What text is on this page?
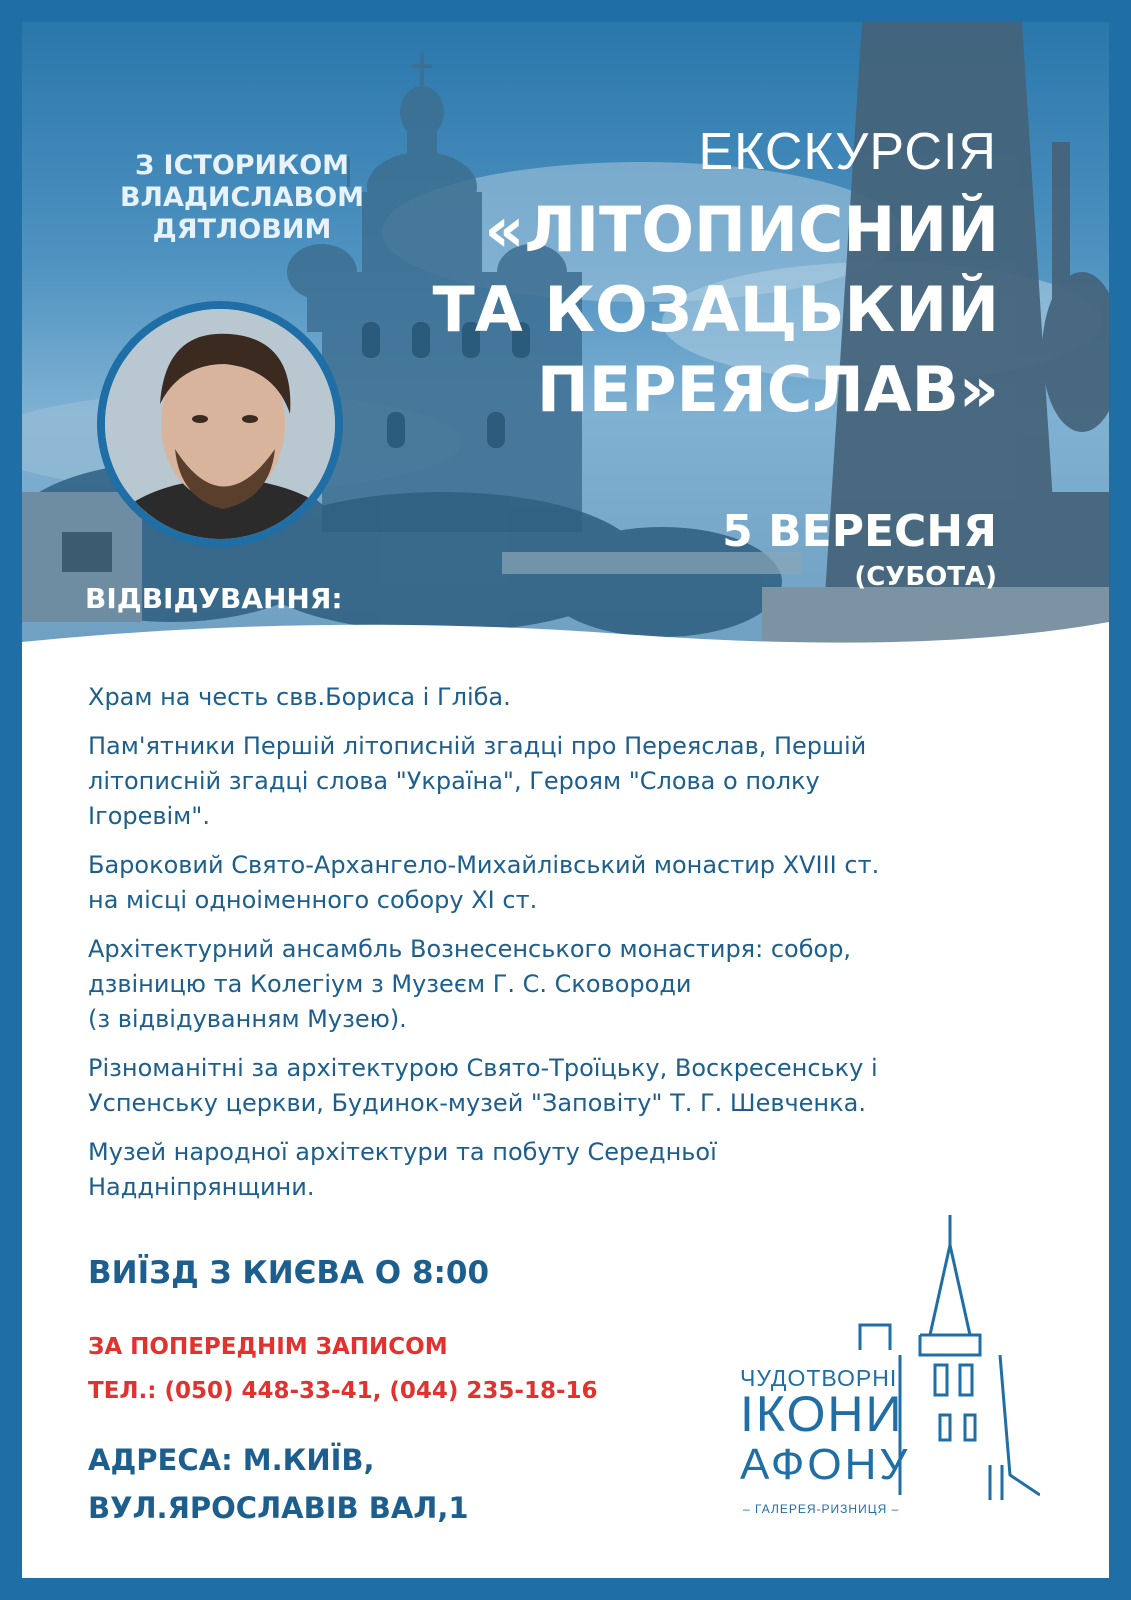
З ІСТОРИКОМ
ВЛАДИСЛАВОМ
ДЯТЛОВИМ
ЕКСКУРСІЯ
«ЛІТОПИСНИЙ
ТА КОЗАЦЬКИЙ
ПЕРЕЯСЛАВ»
5 ВЕРЕСНЯ
(СУБОТА)
ВІДВІДУВАННЯ:
Храм на честь свв.Бориса і Гліба.
Пам'ятники Першій літописній згадці про Переяслав, Першій
літописній згадці слова "Україна", Героям "Слова о полку
Ігоревім".
Бароковий Свято-Архангело-Михайлівський монастир XVIII ст.
на місці одноіменного собору XI ст.
Архітектурний ансамбль Вознесенського монастиря: собор,
дзвіницю та Колегіум з Музеєм Г. С. Сковороди
(з відвідуванням Музею).
Різноманітні за архітектурою Свято-Троїцьку, Воскресенську і
Успенську церкви, Будинок-музей "Заповіту" Т. Г. Шевченка.
Музей народної архітектури та побуту Середньої
Наддніпрянщини.
ВИЇЗД З КИЄВА О 8:00
ЗА ПОПЕРЕДНІМ ЗАПИСОМ
ТЕЛ.: (050) 448-33-41, (044) 235-18-16
АДРЕСА: М.КИЇВ,
ВУЛ.ЯРОСЛАВІВ ВАЛ,1
ЧУДОТВОРНІ
ІКОНИ
АФОНУ
– ГАЛЕРЕЯ-РИЗНИЦЯ –
